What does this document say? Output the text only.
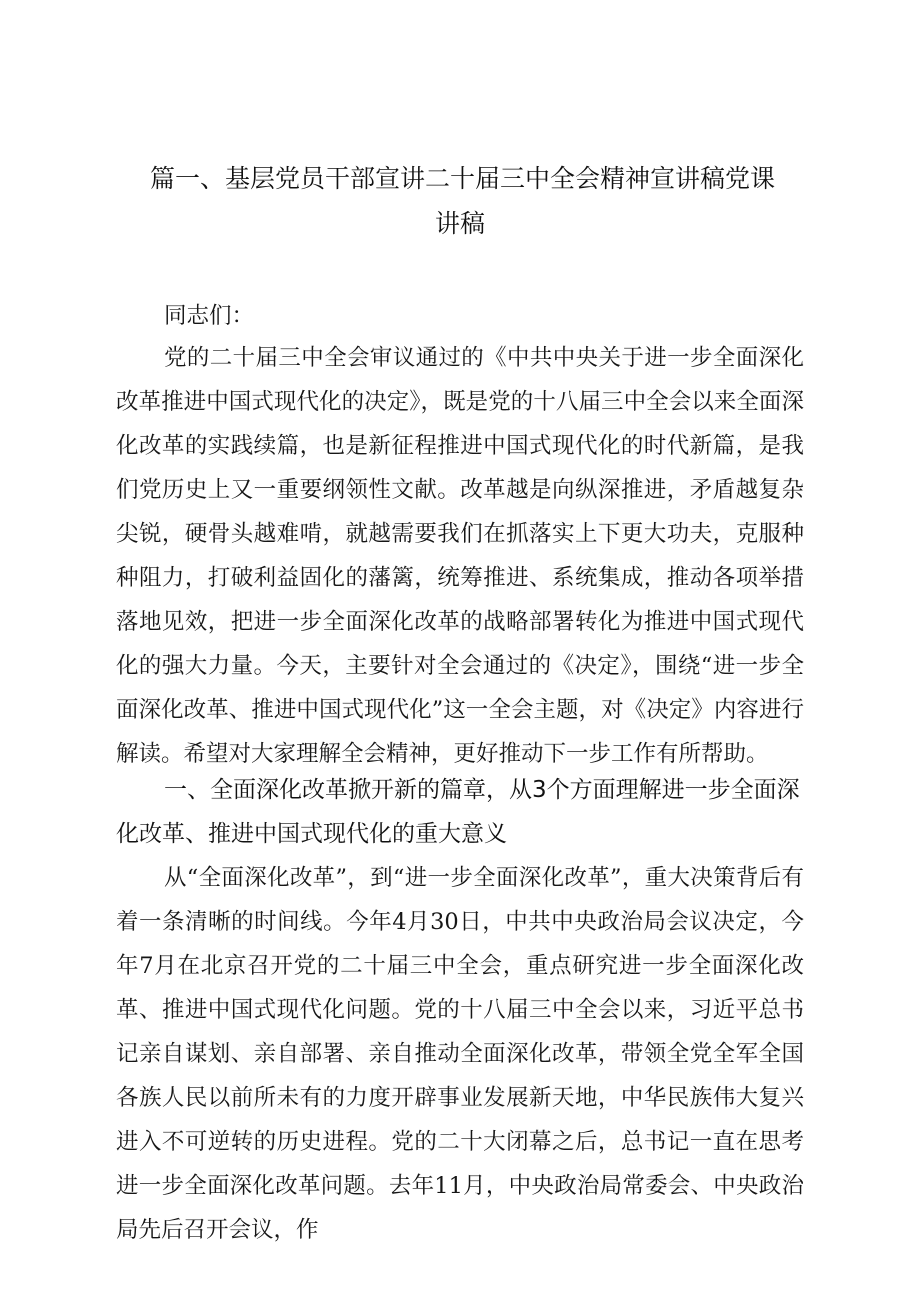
篇一、基层党员干部宣讲二十届三中全会精神宣讲稿党课
讲稿
同志们：
党的二十届三中全会审议通过的《中共中央关于进一步全面深化改革推进中国式现代化的决定》，既是党的十八届三中全会以来全面深化改革的实践续篇，也是新征程推进中国式现代化的时代新篇，是我们党历史上又一重要纲领性文献。改革越是向纵深推进，矛盾越复杂尖锐，硬骨头越难啃，就越需要我们在抓落实上下更大功夫，克服种种阻力，打破利益固化的藩篱，统筹推进、系统集成，推动各项举措落地见效，把进一步全面深化改革的战略部署转化为推进中国式现代化的强大力量。今天，主要针对全会通过的《决定》，围绕“进一步全面深化改革、推进中国式现代化”这一全会主题，对《决定》内容进行解读。希望对大家理解全会精神，更好推动下一步工作有所帮助。
一、全面深化改革掀开新的篇章，从3个方面理解进一步全面深化改革、推进中国式现代化的重大意义
从“全面深化改革”，到“进一步全面深化改革”，重大决策背后有着一条清晰的时间线。今年4月30日，中共中央政治局会议决定，今年7月在北京召开党的二十届三中全会，重点研究进一步全面深化改革、推进中国式现代化问题。党的十八届三中全会以来，习近平总书记亲自谋划、亲自部署、亲自推动全面深化改革，带领全党全军全国各族人民以前所未有的力度开辟事业发展新天地，中华民族伟大复兴进入不可逆转的历史进程。党的二十大闭幕之后，总书记一直在思考进一步全面深化改革问题。去年11月，中央政治局常委会、中央政治局先后召开会议，作
